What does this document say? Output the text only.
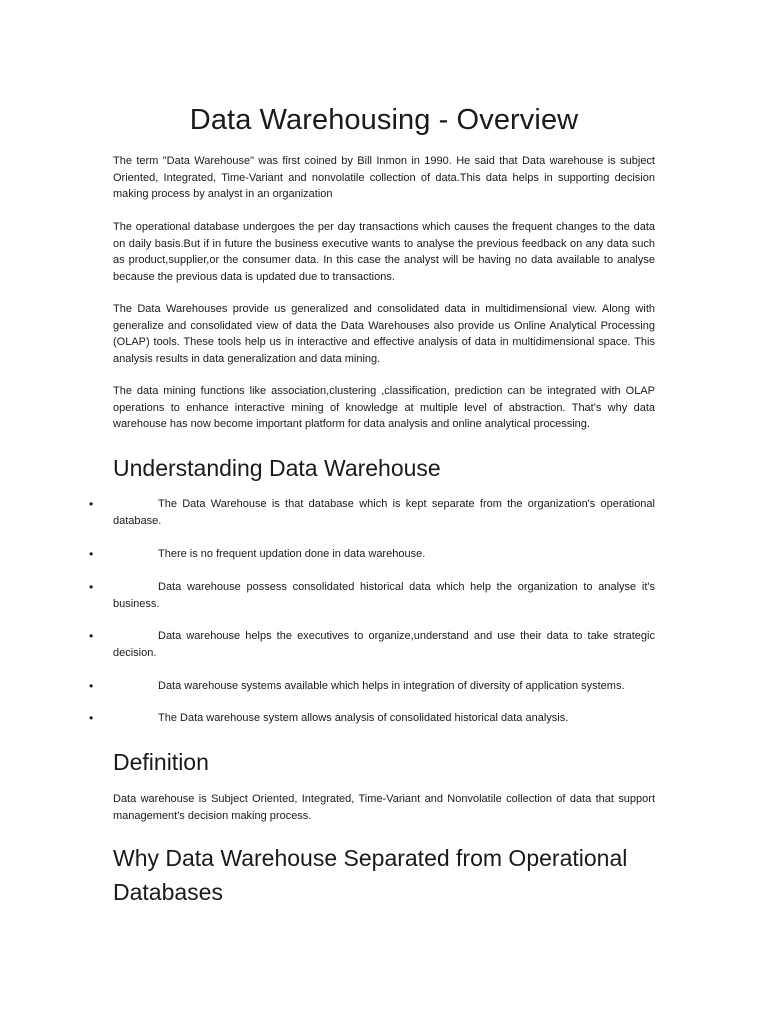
Data Warehousing - Overview

The term "Data Warehouse" was first coined by Bill Inmon in 1990. He said that Data warehouse is subject Oriented, Integrated, Time-Variant and nonvolatile collection of data.This data helps in supporting decision making process by analyst in an organization

The operational database undergoes the per day transactions which causes the frequent changes to the data on daily basis.But if in future the business executive wants to analyse the previous feedback on any data such as product,supplier,or the consumer data. In this case the analyst will be having no data available to analyse because the previous data is updated due to transactions.

The Data Warehouses provide us generalized and consolidated data in multidimensional view. Along with generalize and consolidated view of data the Data Warehouses also provide us Online Analytical Processing (OLAP) tools. These tools help us in interactive and effective analysis of data in multidimensional space. This analysis results in data generalization and data mining.

The data mining functions like association,clustering ,classification, prediction can be integrated with OLAP operations to enhance interactive mining of knowledge at multiple level of abstraction. That's why data warehouse has now become important platform for data analysis and online analytical processing.

Understanding Data Warehouse
•	The Data Warehouse is that database which is kept separate from the organization's operational database.
•	There is no frequent updation done in data warehouse.
•	Data warehouse possess consolidated historical data which help the organization to analyse it's business.
•	Data warehouse helps the executives to organize,understand and use their data to take strategic decision.
•	Data warehouse systems available which helps in integration of diversity of application systems.
•	The Data warehouse system allows analysis of consolidated historical data analysis.
Definition

Data warehouse is Subject Oriented, Integrated, Time-Variant and Nonvolatile collection of data that support management's decision making process.

Why Data Warehouse Separated from Operational Databases
